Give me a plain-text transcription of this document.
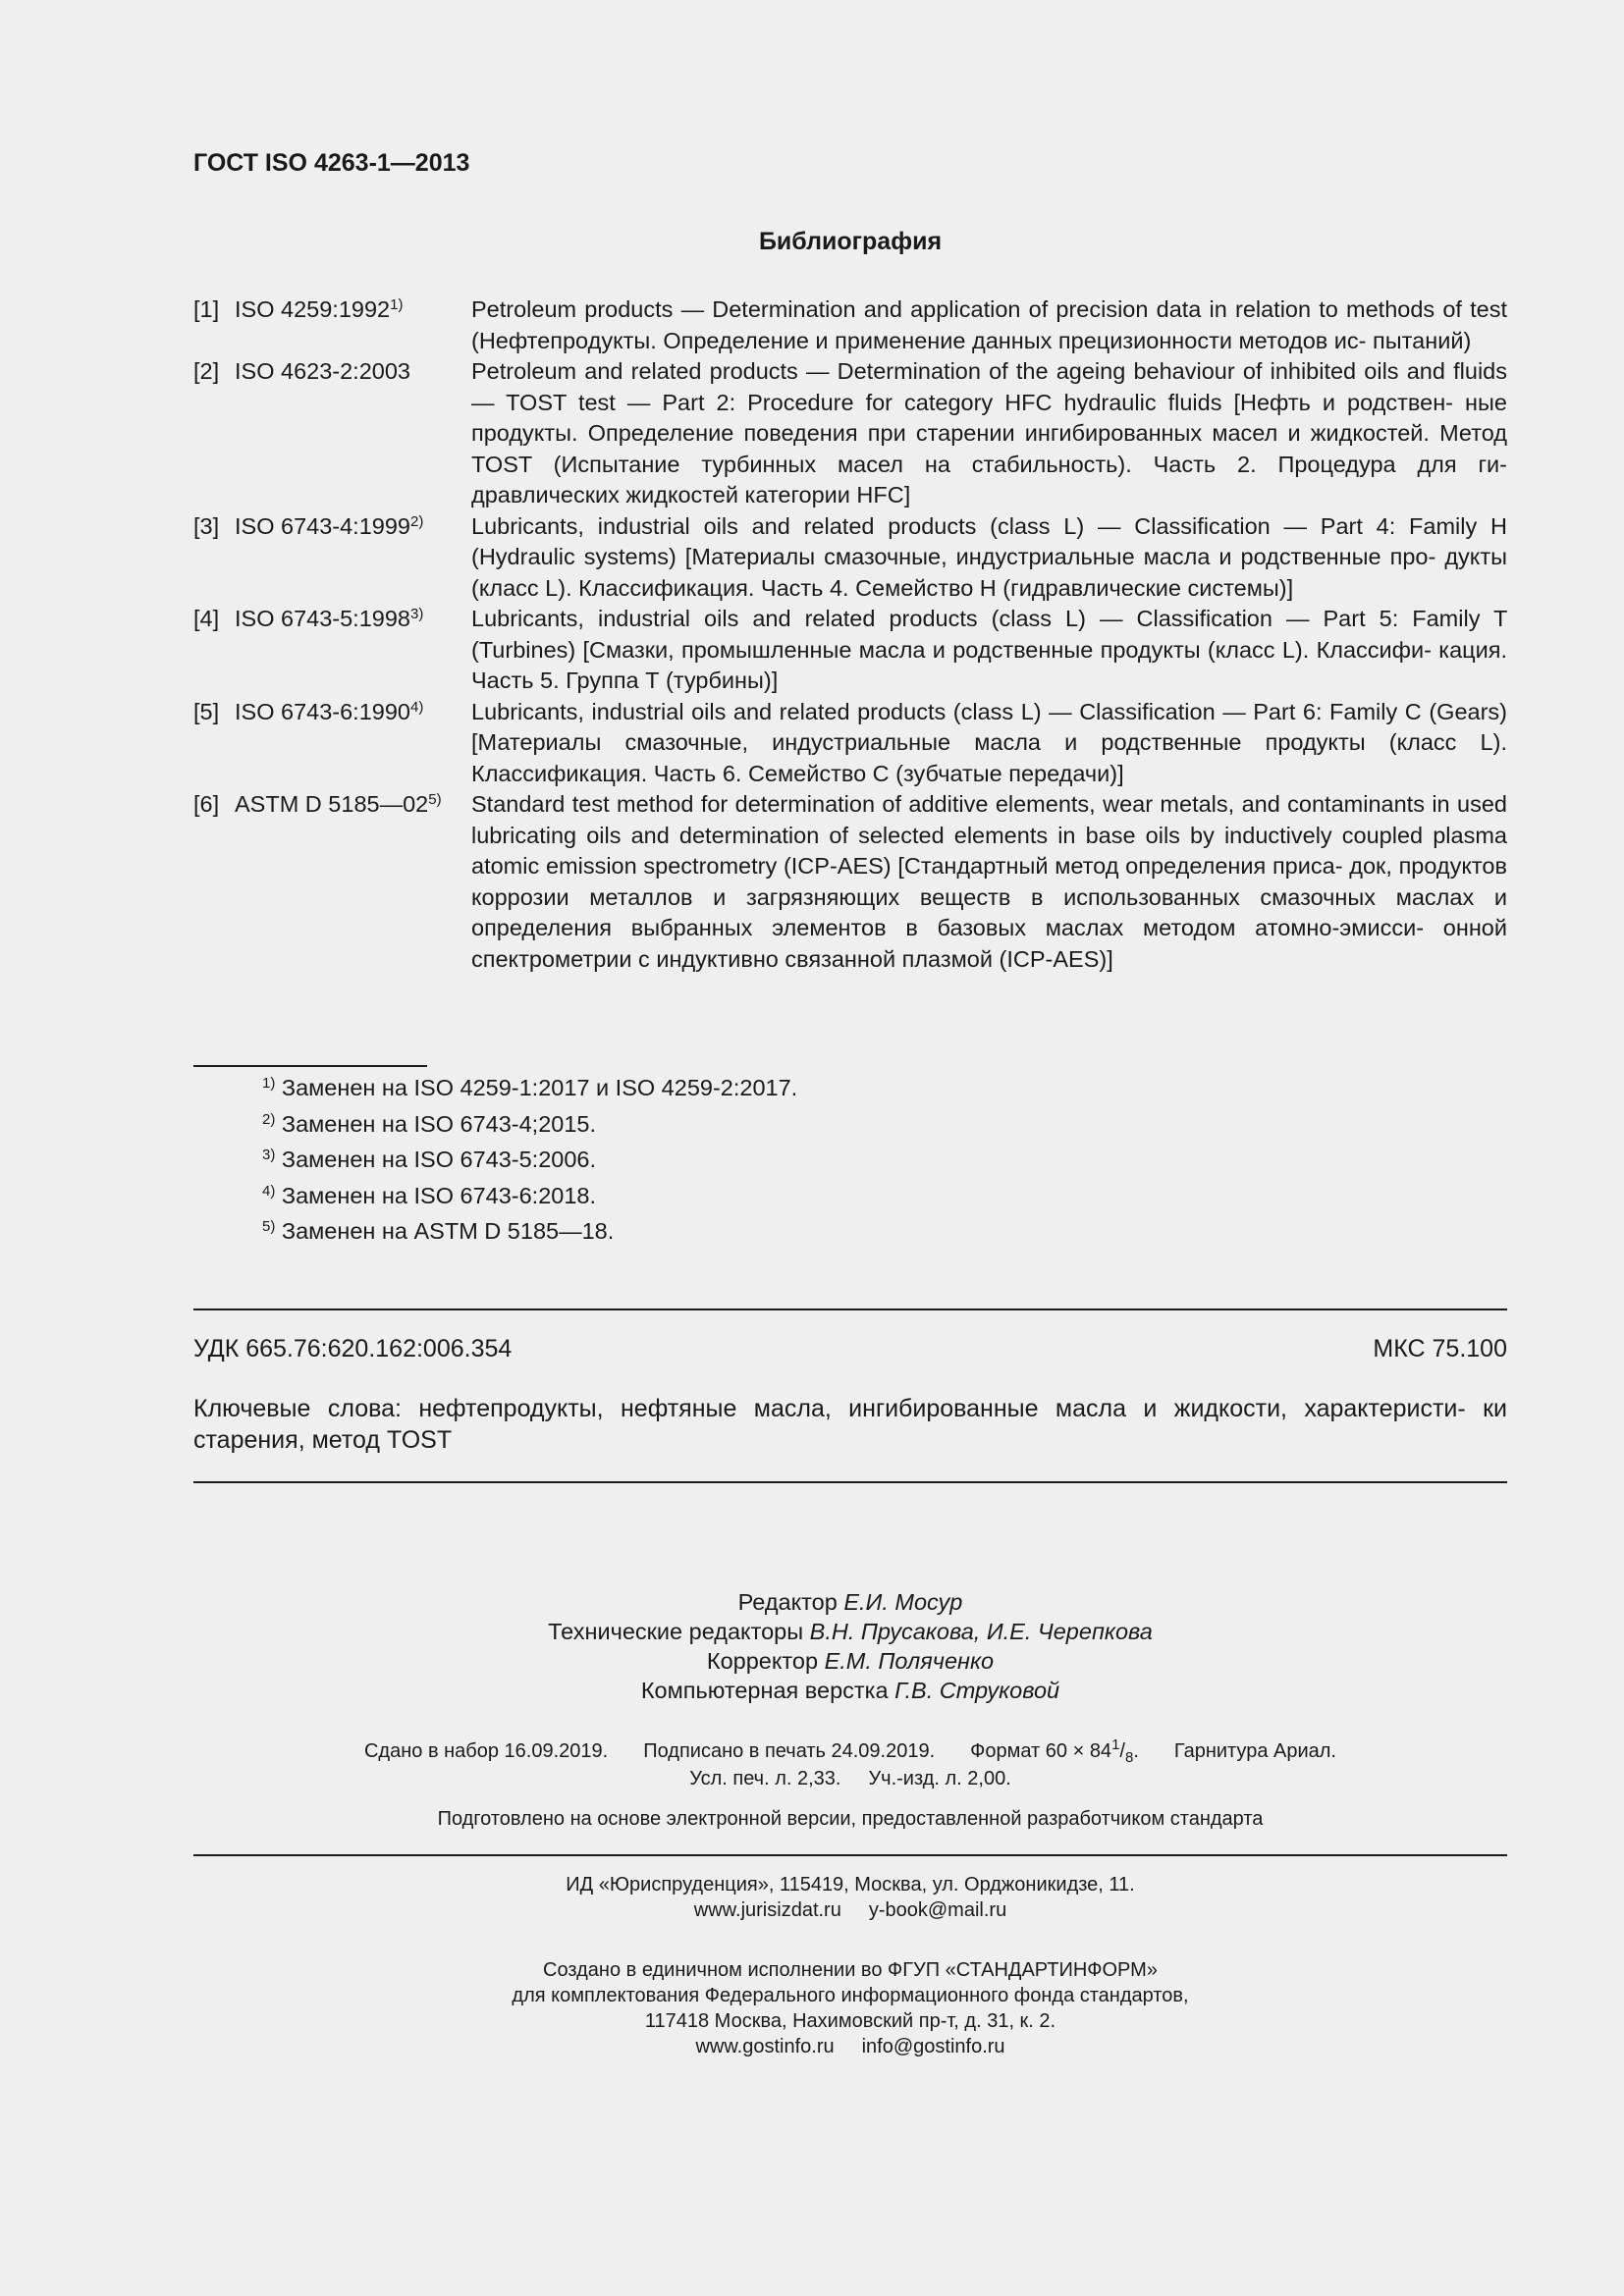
ГОСТ ISO 4263-1—2013
Библиография
[1] ISO 4259:1992$^{1)}$	Petroleum products — Determination and application of precision data in relation to methods of test (Нефтепродукты. Определение и применение данных прецизионности методов ис- пытаний)
[2] ISO 4623-2:2003	Petroleum and related products — Determination of the ageing behaviour of inhibited oils and fluids — TOST test — Part 2: Procedure for category HFC hydraulic fluids [Нефть и родствен- ные продукты. Определение поведения при старении ингибированных масел и жидкостей. Метод TOST (Испытание турбинных масел на стабильность). Часть 2. Процедура для ги- дравлических жидкостей категории HFC]
[3] ISO 6743-4:1999$^{2)}$	Lubricants, industrial oils and related products (class L) — Classification — Part 4: Family H (Hydraulic systems) [Материалы смазочные, индустриальные масла и родственные про- дукты (класс L). Классификация. Часть 4. Семейство Н (гидравлические системы)]
[4] ISO 6743-5:1998$^{3)}$	Lubricants, industrial oils and related products (class L) — Classification — Part 5: Family T (Turbines) [Смазки, промышленные масла и родственные продукты (класс L). Классифи- кация. Часть 5. Группа Т (турбины)]
[5] ISO 6743-6:1990$^{4)}$	Lubricants, industrial oils and related products (class L) — Classification — Part 6: Family C (Gears) [Материалы смазочные, индустриальные масла и родственные продукты (класс L). Классификация. Часть 6. Семейство С (зубчатые передачи)]
[6] ASTM D 5185—02$^{5)}$	Standard test method for determination of additive elements, wear metals, and contaminants in used lubricating oils and determination of selected elements in base oils by inductively coupled plasma atomic emission spectrometry (ICP-AES) [Стандартный метод определения приса- док, продуктов коррозии металлов и загрязняющих веществ в использованных смазочных маслах и определения выбранных элементов в базовых маслах методом атомно-эмисси- онной спектрометрии с индуктивно связанной плазмой (ICP-AES)]
$^{1)}$ Заменен на ISO 4259-1:2017 и ISO 4259-2:2017.
$^{2)}$ Заменен на ISO 6743-4;2015.
$^{3)}$ Заменен на ISO 6743-5:2006.
$^{4)}$ Заменен на ISO 6743-6:2018.
$^{5)}$ Заменен на ASTM D 5185—18.
УДК 665.76:620.162:006.354	МКС 75.100
Ключевые слова: нефтепродукты, нефтяные масла, ингибированные масла и жидкости, характеристи- ки старения, метод TOST
Редактор Е.И. Мосур
Технические редакторы В.Н. Прусакова, И.Е. Черепкова
Корректор Е.М. Поляченко
Компьютерная верстка Г.В. Струковой
Сдано в набор 16.09.2019. Подписано в печать 24.09.2019. Формат $60 \times 84^1/_8$. Гарнитура Ариал.
Усл. печ. л. 2,33. Уч.-изд. л. 2,00.
Подготовлено на основе электронной версии, предоставленной разработчиком стандарта
ИД «Юриспруденция», 115419, Москва, ул. Орджоникидзе, 11.
www.jurisizdat.ru y-book@mail.ru
Создано в единичном исполнении во ФГУП «СТАНДАРТИНФОРМ»
для комплектования Федерального информационного фонда стандартов,
117418 Москва, Нахимовский пр-т, д. 31, к. 2.
www.gostinfo.ru info@gostinfo.ru
